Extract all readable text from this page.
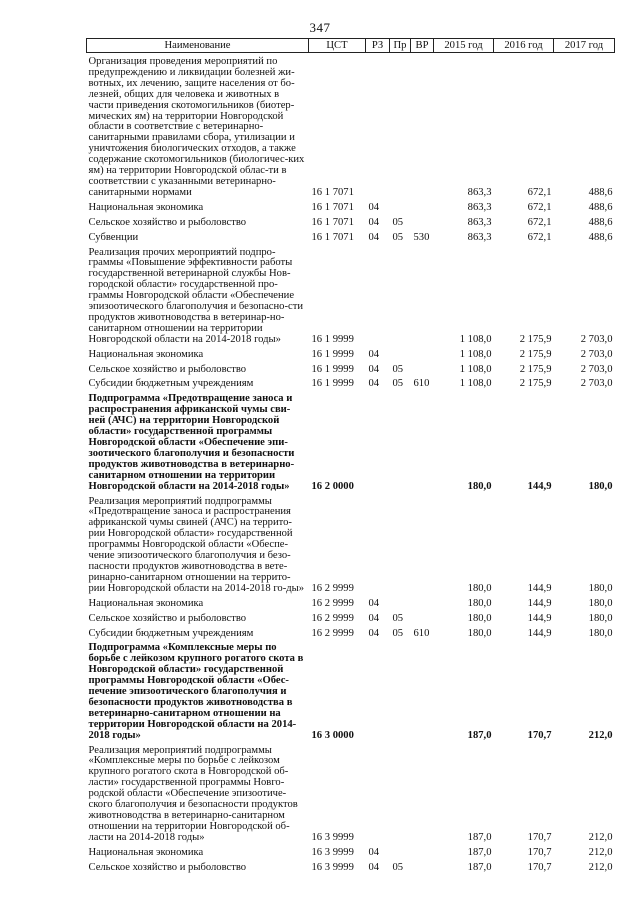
347
Наименование	ЦСТ	РЗ	Пр	ВР	2015 год	2016 год	2017 год
Организация проведения мероприятий по предупреждению и ликвидации болезней жи-вотных, их лечению, защите населения от бо-лезней, общих для человека и животных в части приведения скотомогильников (биотер-мических ям) на территории Новгородской области в соответствие с ветеринарно-санитарными правилами сбора, утилизации и уничтожения биологических отходов, а также содержание скотомогильников (биологичес-ких ям) на территории Новгородской облас-ти в соответствии с указанными ветеринарно-санитарными нормами	16 1 7071				863,3	672,1	488,6
Национальная экономика	16 1 7071	04			863,3	672,1	488,6
Сельское хозяйство и рыболовство	16 1 7071	04	05		863,3	672,1	488,6
Субвенции	16 1 7071	04	05	530	863,3	672,1	488,6
Реализация прочих мероприятий подпро-граммы «Повышение эффективности работы государственной ветеринарной службы Нов-городской области» государственной про-граммы Новгородской области «Обеспечение эпизоотического благополучия и безопасно-сти продуктов животноводства в ветеринар-но-санитарном отношении на территории Новгородской области на 2014-2018 годы»	16 1 9999				1 108,0	2 175,9	2 703,0
Национальная экономика	16 1 9999	04			1 108,0	2 175,9	2 703,0
Сельское хозяйство и рыболовство	16 1 9999	04	05		1 108,0	2 175,9	2 703,0
Субсидии бюджетным учреждениям	16 1 9999	04	05	610	1 108,0	2 175,9	2 703,0
Подпрограмма «Предотвращение заноса и распространения африканской чумы сви-ней (АЧС) на территории Новгородской области» государственной программы Новгородской области «Обеспечение эпи-зоотического благополучия и безопасности продуктов животноводства в ветеринарно-санитарном отношении на территории Новгородской области на 2014-2018 годы»	16 2 0000				180,0	144,9	180,0
Реализация мероприятий подпрограммы «Предотвращение заноса и распространения африканской чумы свиней (АЧС) на террито-рии Новгородской области» государственной программы Новгородской области «Обеспе-чение эпизоотического благополучия и безо-пасности продуктов животноводства в вете-ринарно-санитарном отношении на террито-рии Новгородской области на 2014-2018 го-ды»	16 2 9999				180,0	144,9	180,0
Национальная экономика	16 2 9999	04			180,0	144,9	180,0
Сельское хозяйство и рыболовство	16 2 9999	04	05		180,0	144,9	180,0
Субсидии бюджетным учреждениям	16 2 9999	04	05	610	180,0	144,9	180,0
Подпрограмма «Комплексные меры по борьбе с лейкозом крупного рогатого скота в Новгородской области» государственной программы Новгородской области «Обес-печение эпизоотического благополучия и безопасности продуктов животноводства в ветеринарно-санитарном отношении на территории Новгородской области на 2014-2018 годы»	16 3 0000				187,0	170,7	212,0
Реализация мероприятий подпрограммы «Комплексные меры по борьбе с лейкозом крупного рогатого скота в Новгородской об-ласти» государственной программы Новго-родской области «Обеспечение эпизоотиче-ского благополучия и безопасности продуктов животноводства в ветеринарно-санитарном отношении на территории Новгородской об-ласти на 2014-2018 годы»	16 3 9999				187,0	170,7	212,0
Национальная экономика	16 3 9999	04			187,0	170,7	212,0
Сельское хозяйство и рыболовство	16 3 9999	04	05		187,0	170,7	212,0
